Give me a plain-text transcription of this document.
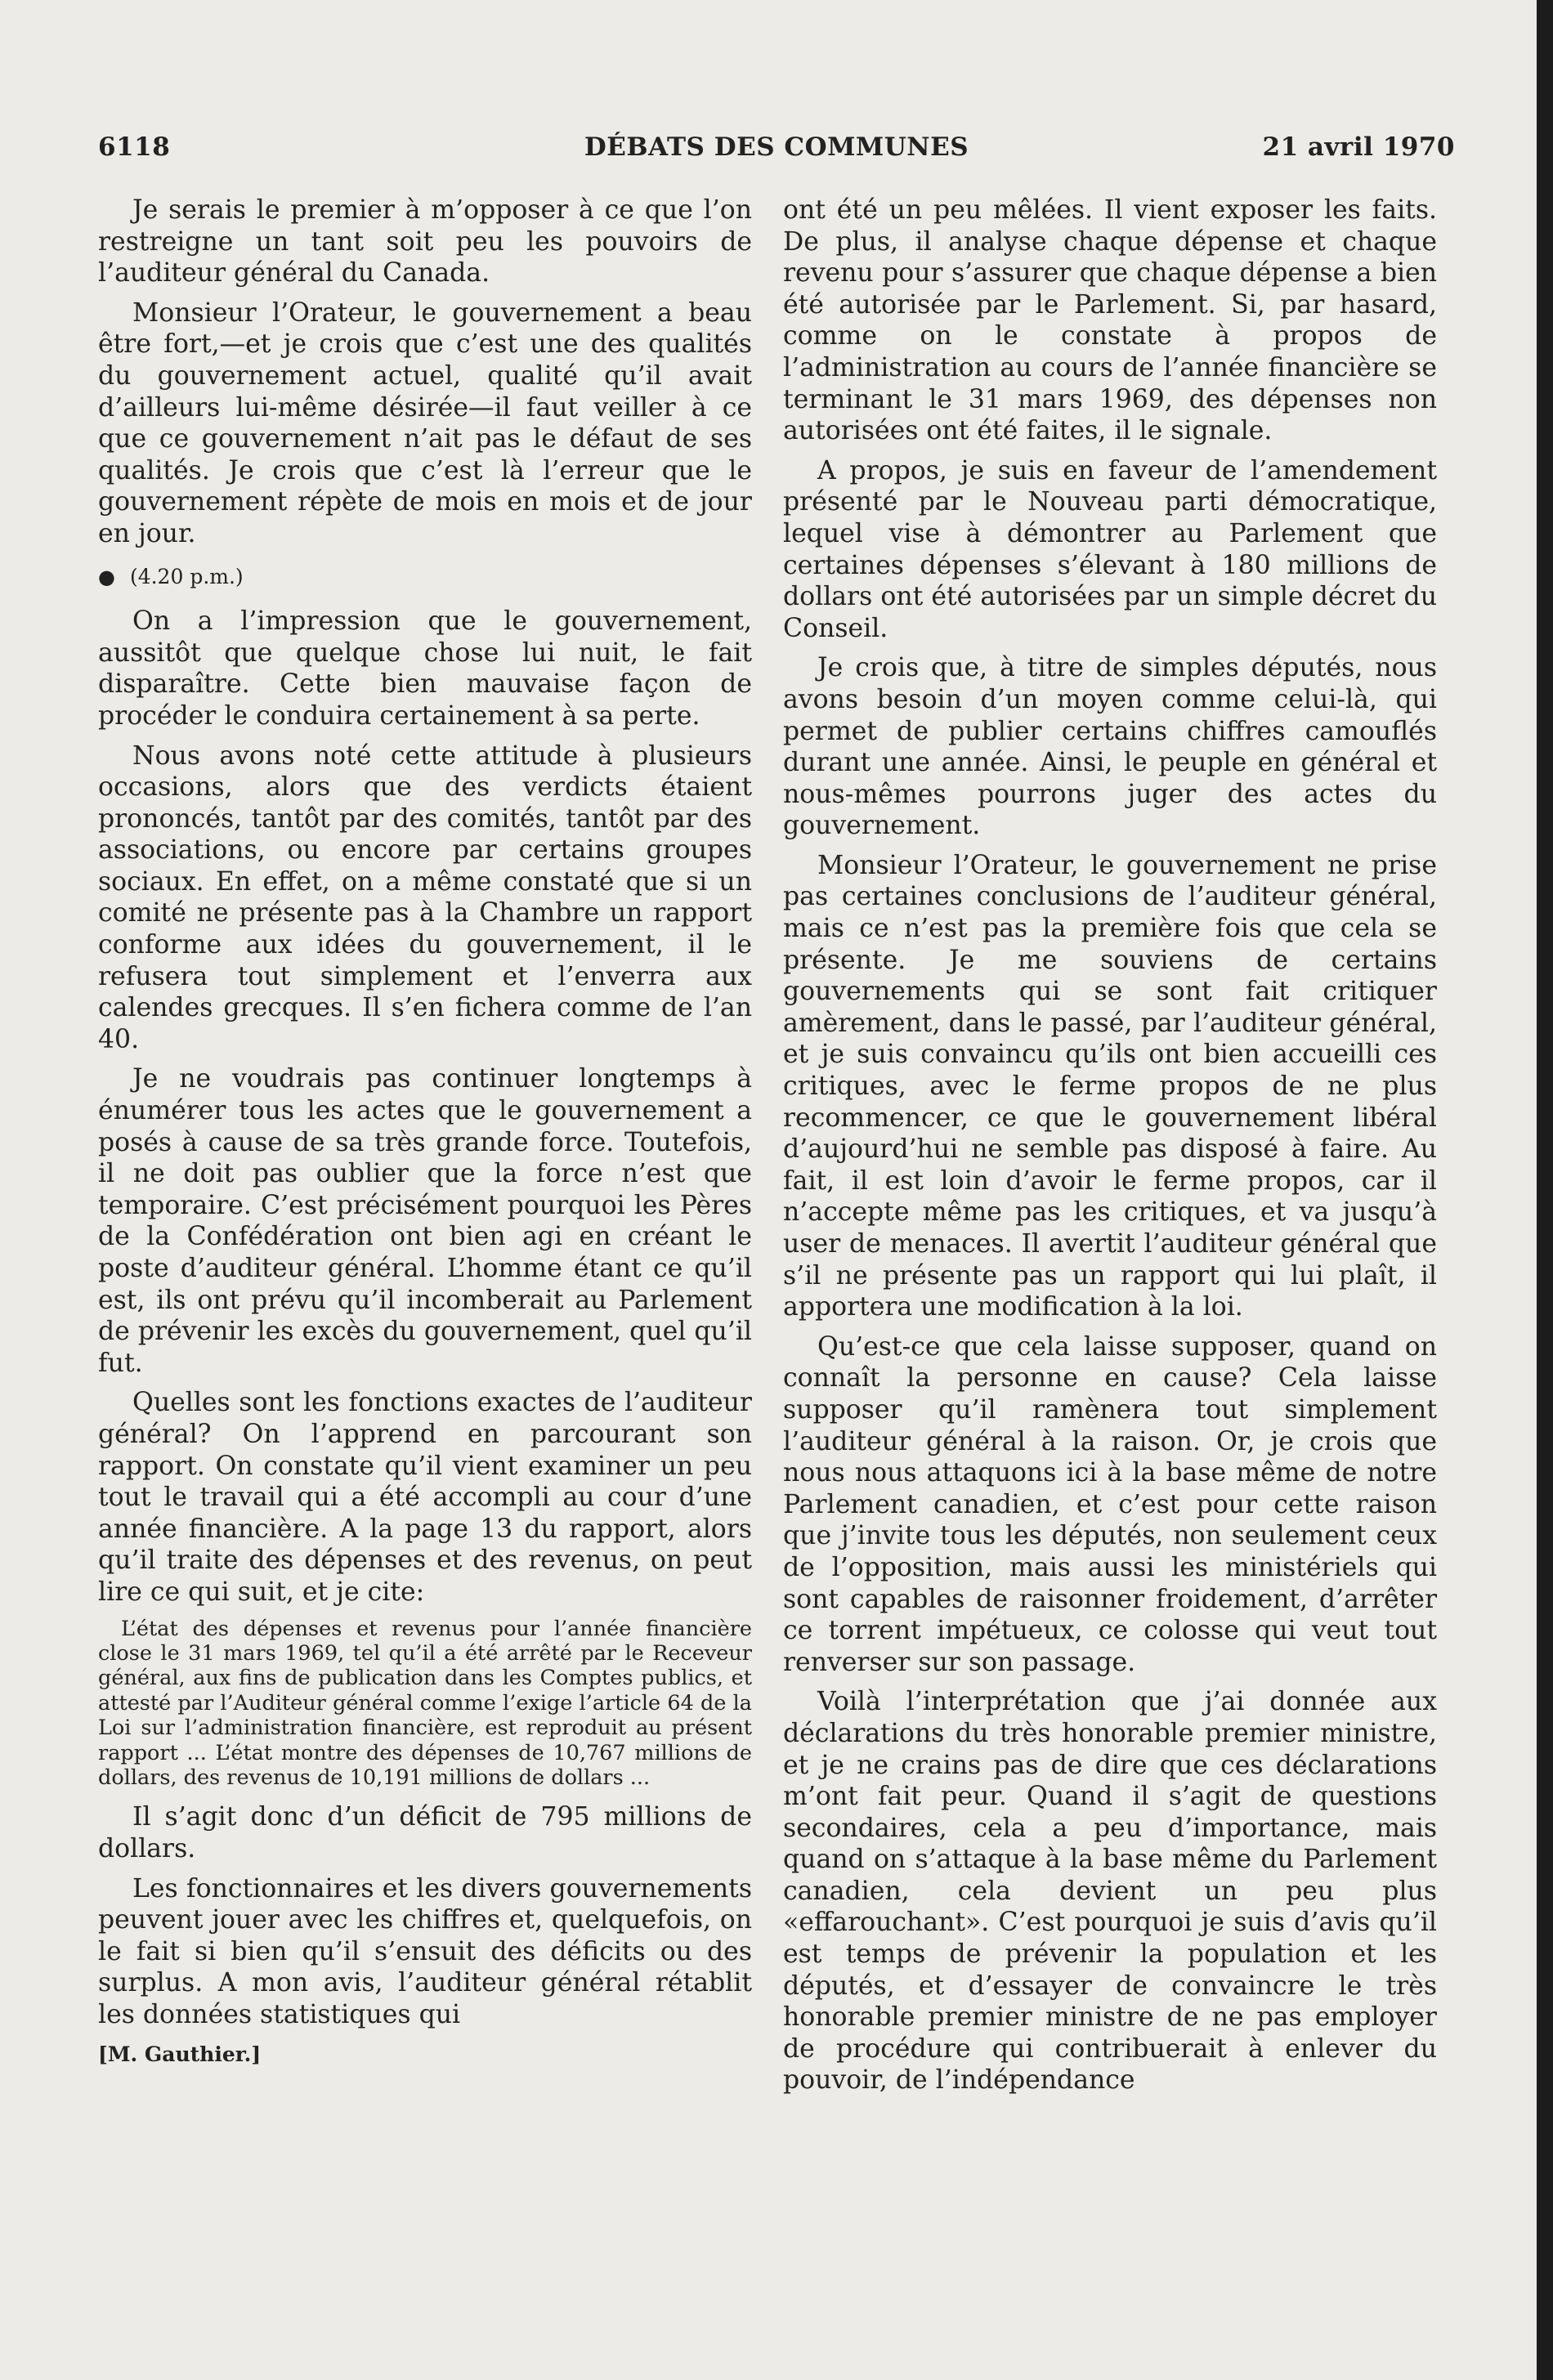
6118	DÉBATS DES COMMUNES	21 avril 1970

Je serais le premier à m’opposer à ce que l’on restreigne un tant soit peu les pouvoirs de l’auditeur général du Canada.

Monsieur l’Orateur, le gouvernement a beau être fort,—et je crois que c’est une des qualités du gouvernement actuel, qualité qu’il avait d’ailleurs lui-même désirée—il faut veiller à ce que ce gouvernement n’ait pas le défaut de ses qualités. Je crois que c’est là l’erreur que le gouvernement répète de mois en mois et de jour en jour.

● (4.20 p.m.)

On a l’impression que le gouvernement, aussitôt que quelque chose lui nuit, le fait disparaître. Cette bien mauvaise façon de procéder le conduira certainement à sa perte.

Nous avons noté cette attitude à plusieurs occasions, alors que des verdicts étaient prononcés, tantôt par des comités, tantôt par des associations, ou encore par certains groupes sociaux. En effet, on a même constaté que si un comité ne présente pas à la Chambre un rapport conforme aux idées du gouvernement, il le refusera tout simplement et l’enverra aux calendes grecques. Il s’en fichera comme de l’an 40.

Je ne voudrais pas continuer longtemps à énumérer tous les actes que le gouvernement a posés à cause de sa très grande force. Toutefois, il ne doit pas oublier que la force n’est que temporaire. C’est précisément pourquoi les Pères de la Confédération ont bien agi en créant le poste d’auditeur général. L’homme étant ce qu’il est, ils ont prévu qu’il incomberait au Parlement de prévenir les excès du gouvernement, quel qu’il fut.

Quelles sont les fonctions exactes de l’auditeur général? On l’apprend en parcourant son rapport. On constate qu’il vient examiner un peu tout le travail qui a été accompli au cour d’une année financière. A la page 13 du rapport, alors qu’il traite des dépenses et des revenus, on peut lire ce qui suit, et je cite:

L’état des dépenses et revenus pour l’année financière close le 31 mars 1969, tel qu’il a été arrêté par le Receveur général, aux fins de publication dans les Comptes publics, et attesté par l’Auditeur général comme l’exige l’article 64 de la Loi sur l’administration financière, est reproduit au présent rapport ... L’état montre des dépenses de 10,767 millions de dollars, des revenus de 10,191 millions de dollars ...

Il s’agit donc d’un déficit de 795 millions de dollars.

Les fonctionnaires et les divers gouvernements peuvent jouer avec les chiffres et, quelquefois, on le fait si bien qu’il s’ensuit des déficits ou des surplus. A mon avis, l’auditeur général rétablit les données statistiques qui

[M. Gauthier.]

ont été un peu mêlées. Il vient exposer les faits. De plus, il analyse chaque dépense et chaque revenu pour s’assurer que chaque dépense a bien été autorisée par le Parlement. Si, par hasard, comme on le constate à propos de l’administration au cours de l’année financière se terminant le 31 mars 1969, des dépenses non autorisées ont été faites, il le signale.

A propos, je suis en faveur de l’amendement présenté par le Nouveau parti démocratique, lequel vise à démontrer au Parlement que certaines dépenses s’élevant à 180 millions de dollars ont été autorisées par un simple décret du Conseil.

Je crois que, à titre de simples députés, nous avons besoin d’un moyen comme celui-là, qui permet de publier certains chiffres camouflés durant une année. Ainsi, le peuple en général et nous-mêmes pourrons juger des actes du gouvernement.

Monsieur l’Orateur, le gouvernement ne prise pas certaines conclusions de l’auditeur général, mais ce n’est pas la première fois que cela se présente. Je me souviens de certains gouvernements qui se sont fait critiquer amèrement, dans le passé, par l’auditeur général, et je suis convaincu qu’ils ont bien accueilli ces critiques, avec le ferme propos de ne plus recommencer, ce que le gouvernement libéral d’aujourd’hui ne semble pas disposé à faire. Au fait, il est loin d’avoir le ferme propos, car il n’accepte même pas les critiques, et va jusqu’à user de menaces. Il avertit l’auditeur général que s’il ne présente pas un rapport qui lui plaît, il apportera une modification à la loi.

Qu’est-ce que cela laisse supposer, quand on connaît la personne en cause? Cela laisse supposer qu’il ramènera tout simplement l’auditeur général à la raison. Or, je crois que nous nous attaquons ici à la base même de notre Parlement canadien, et c’est pour cette raison que j’invite tous les députés, non seulement ceux de l’opposition, mais aussi les ministériels qui sont capables de raisonner froidement, d’arrêter ce torrent impétueux, ce colosse qui veut tout renverser sur son passage.

Voilà l’interprétation que j’ai donnée aux déclarations du très honorable premier ministre, et je ne crains pas de dire que ces déclarations m’ont fait peur. Quand il s’agit de questions secondaires, cela a peu d’importance, mais quand on s’attaque à la base même du Parlement canadien, cela devient un peu plus «effarouchant». C’est pourquoi je suis d’avis qu’il est temps de prévenir la population et les députés, et d’essayer de convaincre le très honorable premier ministre de ne pas employer de procédure qui contribuerait à enlever du pouvoir, de l’indépendance
